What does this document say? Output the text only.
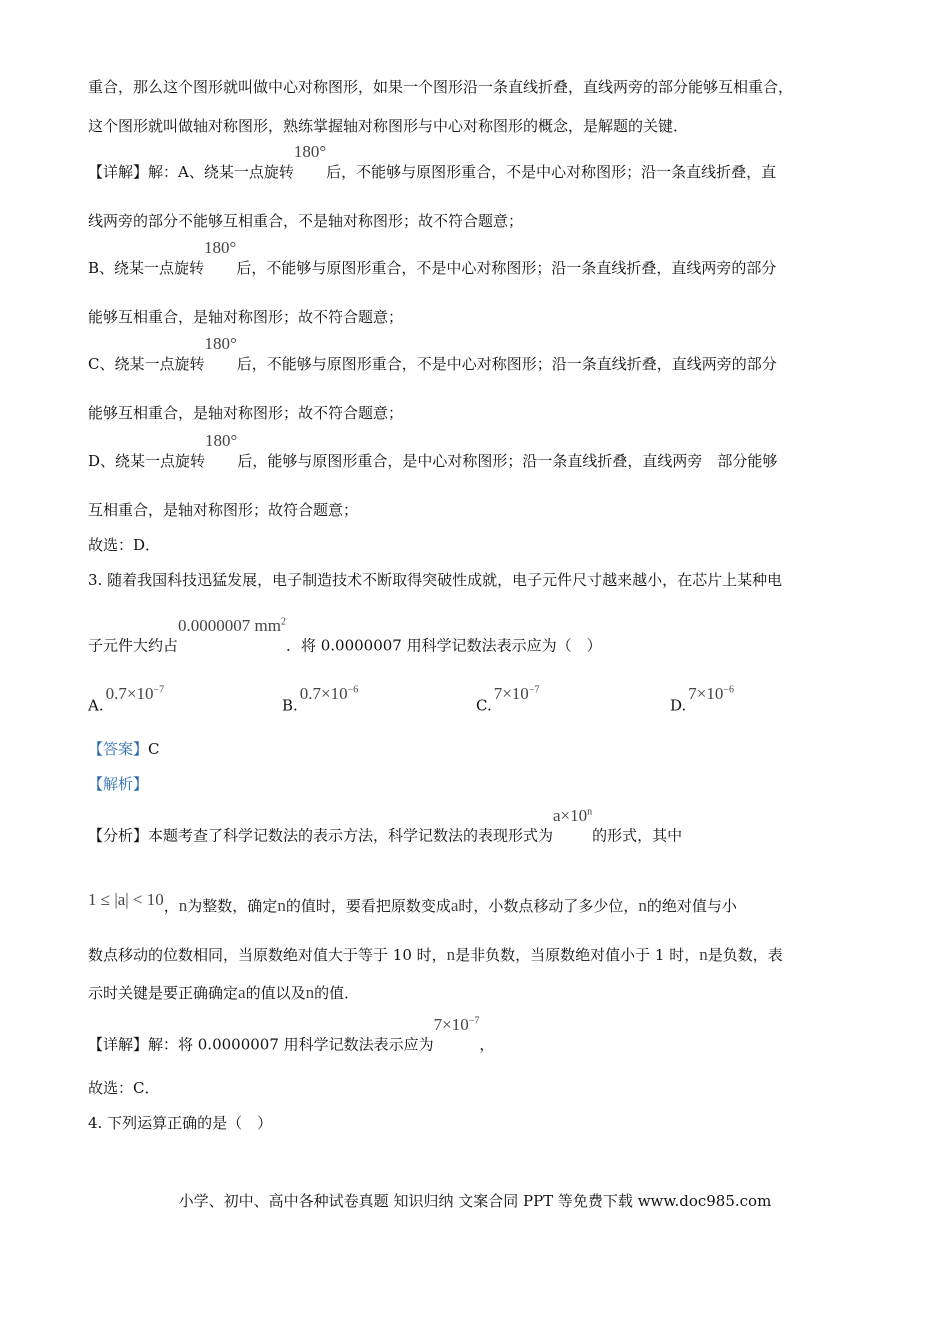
重合，那么这个图形就叫做中心对称图形，如果一个图形沿一条直线折叠，直线两旁的部分能够互相重合，
这个图形就叫做轴对称图形，熟练掌握轴对称图形与中心对称图形的概念，是解题的关键．
【详解】解：A、绕某一点旋转180°后，不能够与原图形重合，不是中心对称图形；沿一条直线折叠，直
线两旁的部分不能够互相重合，不是轴对称图形；故不符合题意；
B、绕某一点旋转180°后，不能够与原图形重合，不是中心对称图形；沿一条直线折叠，直线两旁的部分
能够互相重合，是轴对称图形；故不符合题意；
C、绕某一点旋转180°后，不能够与原图形重合，不是中心对称图形；沿一条直线折叠，直线两旁的部分
能够互相重合，是轴对称图形；故不符合题意；
D、绕某一点旋转180°后，能够与原图形重合，是中心对称图形；沿一条直线折叠，直线两旁　部分能够
互相重合，是轴对称图形；故符合题意；
故选：D．
3. 随着我国科技迅猛发展，电子制造技术不断取得突破性成就，电子元件尺寸越来越小，在芯片上某种电
子元件大约占0.0000007 $mm^2$．将 0.0000007 用科学记数法表示应为（　）
$A.0.7\times 10^{-7}$
$B.0.7\times 10^{-6}$
$C.7\times 10^{-7}$
$D.7\times 10^{-6}$
【答案】C
【解析】
【分析】本题考查了科学记数法的表示方法，科学记数法的表现形式为$a\times 10^n$的形式，其中
1 ≤ |a| < 10，n为整数，确定n的值时，要看把原数变成a时，小数点移动了多少位，n的绝对值与小
数点移动的位数相同，当原数绝对值大于等于 10 时，n是非负数，当原数绝对值小于 1 时，n是负数，表
示时关键是要正确确定a的值以及n的值．
【详解】解：将 0.0000007 用科学记数法表示应为$7\times 10^{-7}$，
故选：C．
4. 下列运算正确的是（　）
小学、初中、高中各种试卷真题 知识归纳 文案合同 PPT 等免费下载 www.doc985.com
